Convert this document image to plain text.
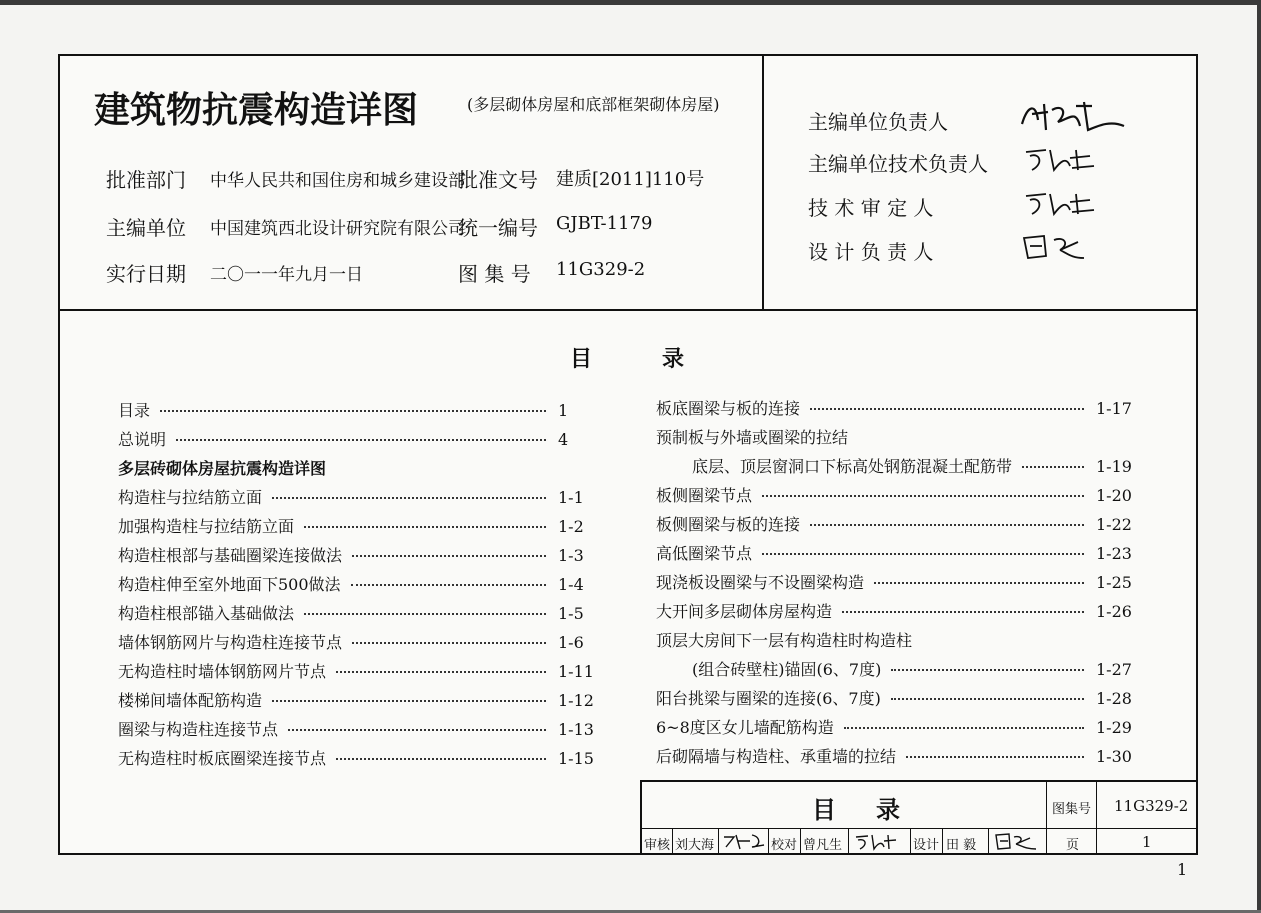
建筑物抗震构造详图	(多层砌体房屋和底部框架砌体房屋)
批准部门 中华人民共和国住房和城乡建设部
批准文号 建质[2011]110号
主编单位 中国建筑西北设计研究院有限公司
统一编号 GJBT-1179
实行日期 二〇一一年九月一日	图 集 号 11G329-2
主编单位负责人
主编单位技术负责人
技 术 审 定 人
设 计 负 责 人
目录
目录	1
总说明	4
多层砖砌体房屋抗震构造详图
构造柱与拉结筋立面	1-1
加强构造柱与拉结筋立面	1-2
构造柱根部与基础圈梁连接做法	1-3
构造柱伸至室外地面下500做法	1-4
构造柱根部锚入基础做法	1-5
墙体钢筋网片与构造柱连接节点	1-6
无构造柱时墙体钢筋网片节点	1-11
楼梯间墙体配筋构造	1-12
圈梁与构造柱连接节点	1-13
无构造柱时板底圈梁连接节点	1-15
板底圈梁与板的连接	1-17
预制板与外墙或圈梁的拉结
底层、顶层窗洞口下标高处钢筋混凝土配筋带	1-19
板侧圈梁节点	1-20
板侧圈梁与板的连接	1-22
高低圈梁节点	1-23
现浇板设圈梁与不设圈梁构造	1-25
大开间多层砌体房屋构造	1-26
顶层大房间下一层有构造柱时构造柱
(组合砖壁柱)锚固(6、7度)	1-27
阳台挑梁与圈梁的连接(6、7度)	1-28
6~8度区女儿墙配筋构造	1-29
后砌隔墙与构造柱、承重墙的拉结	1-30
目录	图集号 11G329-2
审核 刘大海	校对 曾凡生	设计 田 毅	页	1
1
